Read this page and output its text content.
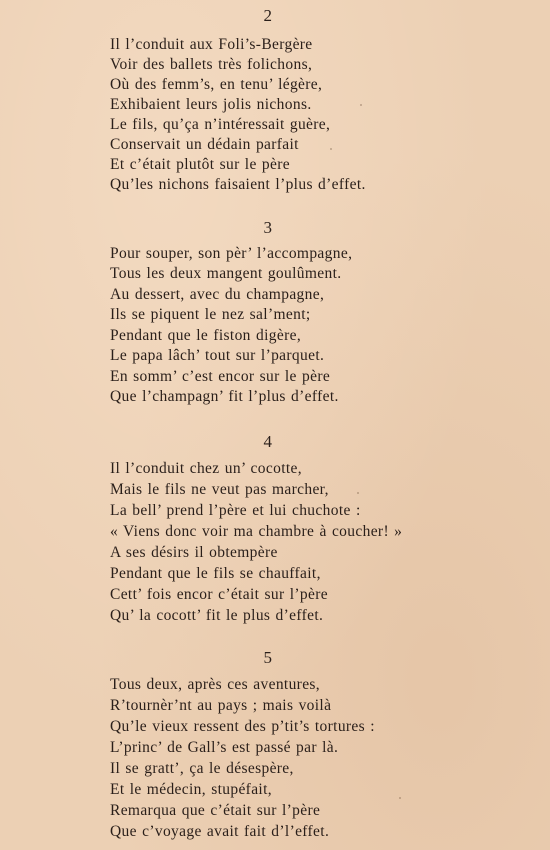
2
Il l’conduit aux Foli’s-Bergère
Voir des ballets très folichons,
Où des femm’s, en tenu’ légère,
Exhibaient leurs jolis nichons.
Le fils, qu’ça n’intéressait guère,
Conservait un dédain parfait
Et c’était plutôt sur le père
Qu’les nichons faisaient l’plus d’effet.
3
Pour souper, son pèr’ l’accompagne,
Tous les deux mangent goulûment.
Au dessert, avec du champagne,
Ils se piquent le nez sal’ment;
Pendant que le fiston digère,
Le papa lâch’ tout sur l’parquet.
En somm’ c’est encor sur le père
Que l’champagn’ fit l’plus d’effet.
4
Il l’conduit chez un’ cocotte,
Mais le fils ne veut pas marcher,
La bell’ prend l’père et lui chuchote :
« Viens donc voir ma chambre à coucher! »
A ses désirs il obtempère
Pendant que le fils se chauffait,
Cett’ fois encor c’était sur l’père
Qu’ la cocott’ fit le plus d’effet.
5
Tous deux, après ces aventures,
R’tournèr’nt au pays ; mais voilà
Qu’le vieux ressent des p’tit’s tortures :
L’princ’ de Gall’s est passé par là.
Il se gratt’, ça le désespère,
Et le médecin, stupéfait,
Remarqua que c’était sur l’père
Que c’voyage avait fait d’l’effet.
